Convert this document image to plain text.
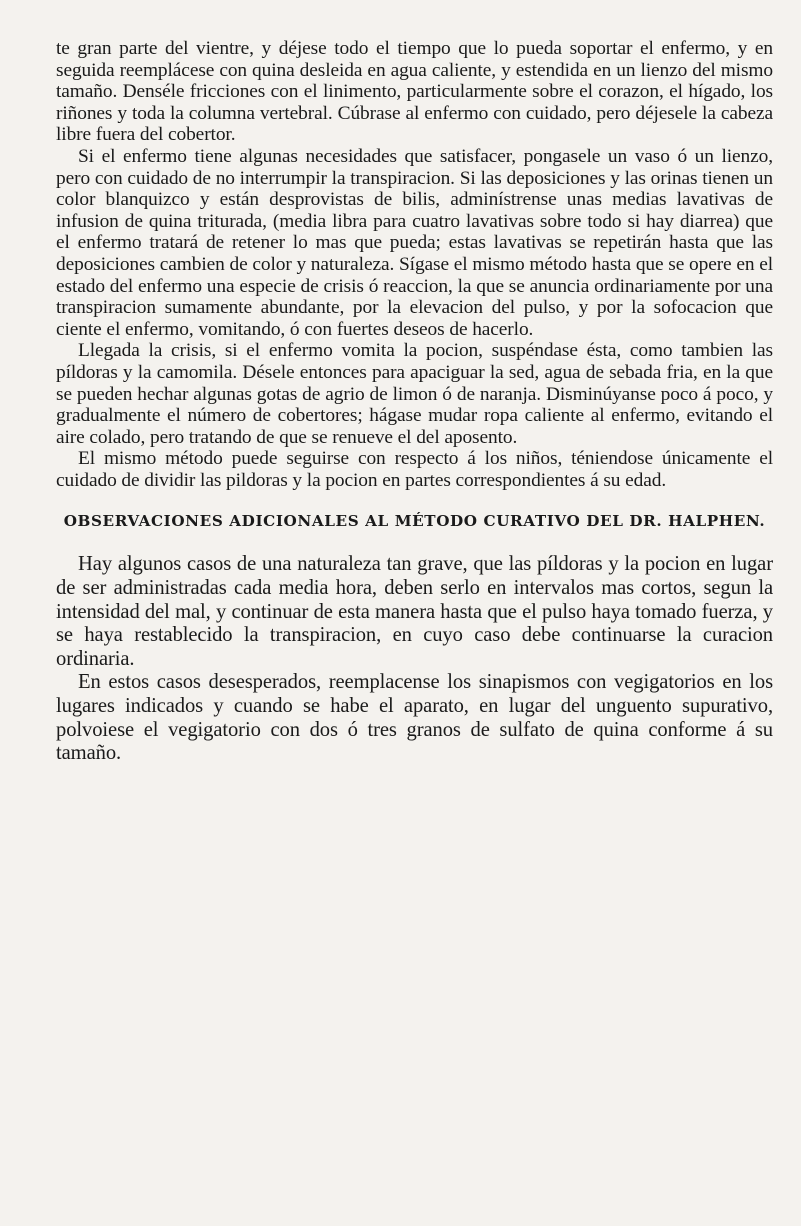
te gran parte del vientre, y déjese todo el tiempo que lo pueda soportar el enfermo, y en seguida reemplácese con quina desleida en agua caliente, y estendida en un lienzo del mismo tamaño. Denséle fricciones con el linimento, particularmente sobre el corazon, el hígado, los riñones y toda la columna vertebral. Cúbrase al enfermo con cuidado, pero déjesele la cabeza libre fuera del cobertor.

Si el enfermo tiene algunas necesidades que satisfacer, pongasele un vaso ó un lienzo, pero con cuidado de no interrumpir la transpiracion. Si las deposiciones y las orinas tienen un color blanquizco y están desprovistas de bilis, adminístrense unas medias lavativas de infusion de quina triturada, (media libra para cuatro lavativas sobre todo si hay diarrea) que el enfermo tratará de retener lo mas que pueda; estas lavativas se repetirán hasta que las deposiciones cambien de color y naturaleza. Sígase el mismo método hasta que se opere en el estado del enfermo una especie de crisis ó reaccion, la que se anuncia ordinariamente por una transpiracion sumamente abundante, por la elevacion del pulso, y por la sofocacion que ciente el enfermo, vomitando, ó con fuertes deseos de hacerlo.

Llegada la crisis, si el enfermo vomita la pocion, suspéndase ésta, como tambien las píldoras y la camomila. Désele entonces para apaciguar la sed, agua de sebada fria, en la que se pueden hechar algunas gotas de agrio de limon ó de naranja. Disminúyanse poco á poco, y gradualmente el número de cobertores; hágase mudar ropa caliente al enfermo, evitando el aire colado, pero tratando de que se renueve el del aposento.

El mismo método puede seguirse con respecto á los niños, téniendose únicamente el cuidado de dividir las pildoras y la pocion en partes correspondientes á su edad.

OBSERVACIONES ADICIONALES AL MÉTODO CURATIVO DEL DR. HALPHEN.

Hay algunos casos de una naturaleza tan grave, que las píldoras y la pocion en lugar de ser administradas cada media hora, deben serlo en intervalos mas cortos, segun la intensidad del mal, y continuar de esta manera hasta que el pulso haya tomado fuerza, y se haya restablecido la transpiracion, en cuyo caso debe continuarse la curacion ordinaria.

En estos casos desesperados, reemplacense los sinapismos con vegigatorios en los lugares indicados y cuando se habe el aparato, en lugar del unguento supurativo, polvoiese el vegigatorio con dos ó tres granos de sulfato de quina conforme á su tamaño.
